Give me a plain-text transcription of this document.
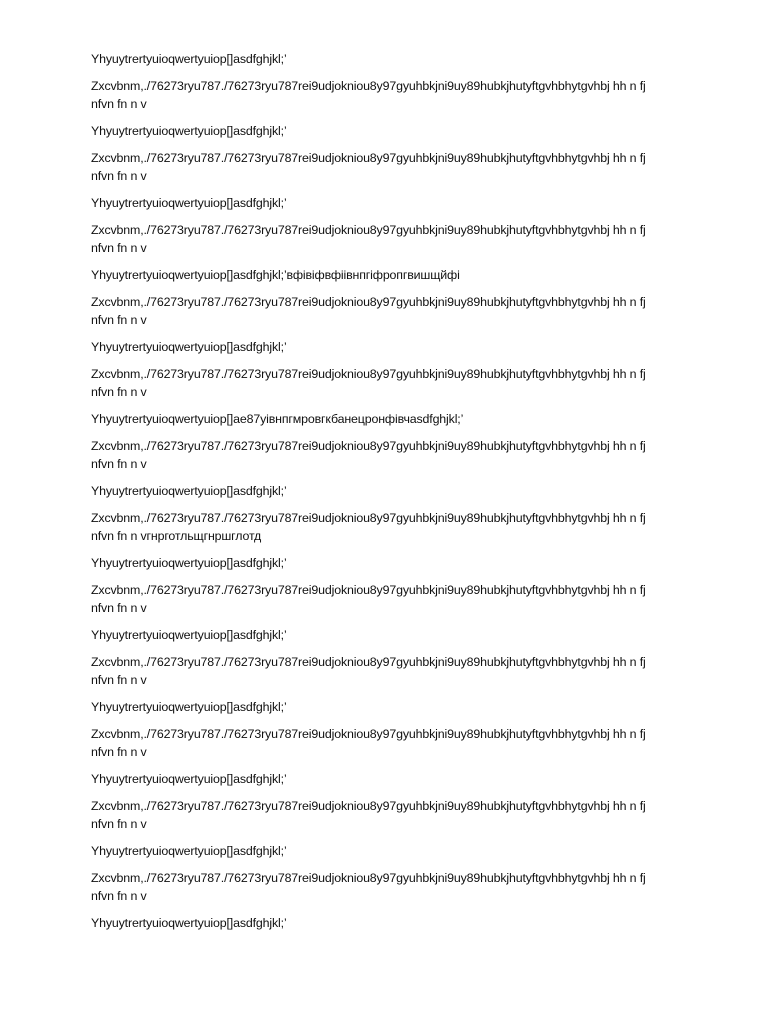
Yhyuytrertyuioqwertyuiop[]asdfghjkl;’

Zxcvbnm,./76273ryu787./76273ryu787rei9udjokniou8y97gyuhbkjni9uy89hubkjhutyftgvhbhytgvhbj hh n fj
nfvn fn n v

Yhyuytrertyuioqwertyuiop[]asdfghjkl;’

Zxcvbnm,./76273ryu787./76273ryu787rei9udjokniou8y97gyuhbkjni9uy89hubkjhutyftgvhbhytgvhbj hh n fj
nfvn fn n v

Yhyuytrertyuioqwertyuiop[]asdfghjkl;’

Zxcvbnm,./76273ryu787./76273ryu787rei9udjokniou8y97gyuhbkjni9uy89hubkjhutyftgvhbhytgvhbj hh n fj
nfvn fn n v

Yhyuytrertyuioqwertyuiop[]asdfghjkl;’вфівіфвфіівнпгіфропгвишщйфі

Zxcvbnm,./76273ryu787./76273ryu787rei9udjokniou8y97gyuhbkjni9uy89hubkjhutyftgvhbhytgvhbj hh n fj
nfvn fn n v

Yhyuytrertyuioqwertyuiop[]asdfghjkl;’

Zxcvbnm,./76273ryu787./76273ryu787rei9udjokniou8y97gyuhbkjni9uy89hubkjhutyftgvhbhytgvhbj hh n fj
nfvn fn n v

Yhyuytrertyuioqwertyuiop[]ae87уівнпгмровгкбанецронфівчasdfghjkl;’

Zxcvbnm,./76273ryu787./76273ryu787rei9udjokniou8y97gyuhbkjni9uy89hubkjhutyftgvhbhytgvhbj hh n fj
nfvn fn n v

Yhyuytrertyuioqwertyuiop[]asdfghjkl;’

Zxcvbnm,./76273ryu787./76273ryu787rei9udjokniou8y97gyuhbkjni9uy89hubkjhutyftgvhbhytgvhbj hh n fj
nfvn fn n vгнрготльщгнршглотд

Yhyuytrertyuioqwertyuiop[]asdfghjkl;’

Zxcvbnm,./76273ryu787./76273ryu787rei9udjokniou8y97gyuhbkjni9uy89hubkjhutyftgvhbhytgvhbj hh n fj
nfvn fn n v

Yhyuytrertyuioqwertyuiop[]asdfghjkl;’

Zxcvbnm,./76273ryu787./76273ryu787rei9udjokniou8y97gyuhbkjni9uy89hubkjhutyftgvhbhytgvhbj hh n fj
nfvn fn n v

Yhyuytrertyuioqwertyuiop[]asdfghjkl;’

Zxcvbnm,./76273ryu787./76273ryu787rei9udjokniou8y97gyuhbkjni9uy89hubkjhutyftgvhbhytgvhbj hh n fj
nfvn fn n v

Yhyuytrertyuioqwertyuiop[]asdfghjkl;’

Zxcvbnm,./76273ryu787./76273ryu787rei9udjokniou8y97gyuhbkjni9uy89hubkjhutyftgvhbhytgvhbj hh n fj
nfvn fn n v

Yhyuytrertyuioqwertyuiop[]asdfghjkl;’

Zxcvbnm,./76273ryu787./76273ryu787rei9udjokniou8y97gyuhbkjni9uy89hubkjhutyftgvhbhytgvhbj hh n fj
nfvn fn n v

Yhyuytrertyuioqwertyuiop[]asdfghjkl;’
